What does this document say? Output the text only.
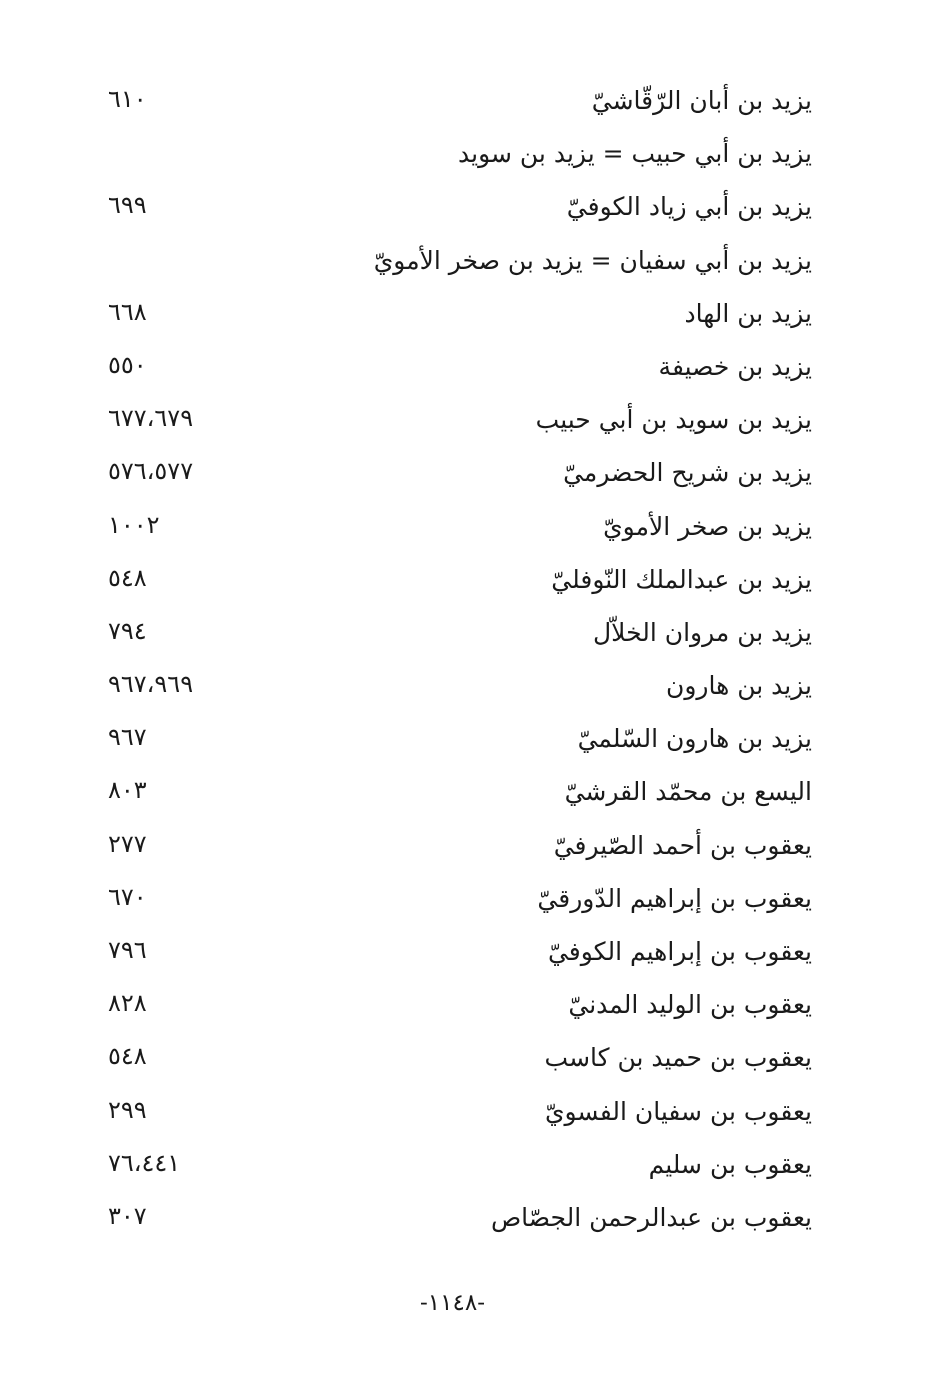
يزيد بن أبان الرّقّاشيّ
٦١٠
يزيد بن أبي حبيب = يزيد بن سويد
يزيد بن أبي زياد الكوفيّ
٦٩٩
يزيد بن أبي سفيان = يزيد بن صخر الأمويّ
يزيد بن الهاد
٦٦٨
يزيد بن خصيفة
٥٥٠
يزيد بن سويد بن أبي حبيب
٦٧٧،٦٧٩
يزيد بن شريح الحضرميّ
٥٧٦،٥٧٧
يزيد بن صخر الأمويّ
١٠٠٢
يزيد بن عبدالملك النّوفليّ
٥٤٨
يزيد بن مروان الخلاّل
٧٩٤
يزيد بن هارون
٩٦٧،٩٦٩
يزيد بن هارون السّلميّ
٩٦٧
اليسع بن محمّد القرشيّ
٨٠٣
يعقوب بن أحمد الصّيرفيّ
٢٧٧
يعقوب بن إبراهيم الدّورقيّ
٦٧٠
يعقوب بن إبراهيم الكوفيّ
٧٩٦
يعقوب بن الوليد المدنيّ
٨٢٨
يعقوب بن حميد بن كاسب
٥٤٨
يعقوب بن سفيان الفسويّ
٢٩٩
يعقوب بن سليم
٧٦،٤٤١
يعقوب بن عبدالرحمن الجصّاص
٣٠٧
-١١٤٨-
